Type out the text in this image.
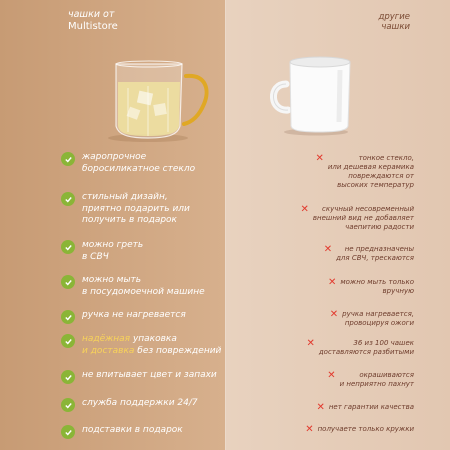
чашки от
Multistore
другие
чашки
жаропрочное
боросиликатное стекло
стильный дизайн,
приятно подарить или
получить в подарок
можно греть
в СВЧ
можно мыть
в посудомоечной машине
ручка не нагревается
надёжная упаковка
и доставка без повреждений
не впитывает цвет и запахи
служба поддержки 24/7
подставки в подарок
✕	тонкое стекло,
или дешевая керамика
повреждаются от
высоких температур
✕	скучный несовременный
внешний вид не добавляет
чаепитию радости
✕	не предназначены
для СВЧ, трескаются
✕ можно мыть только
вручную
✕ ручка нагревается,
провоцируя ожоги
✕	36 из 100 чашек
доставляются разбитыми
✕	окрашиваются
и неприятно пахнут
✕ нет гарантии качества
✕ получаете только кружки
